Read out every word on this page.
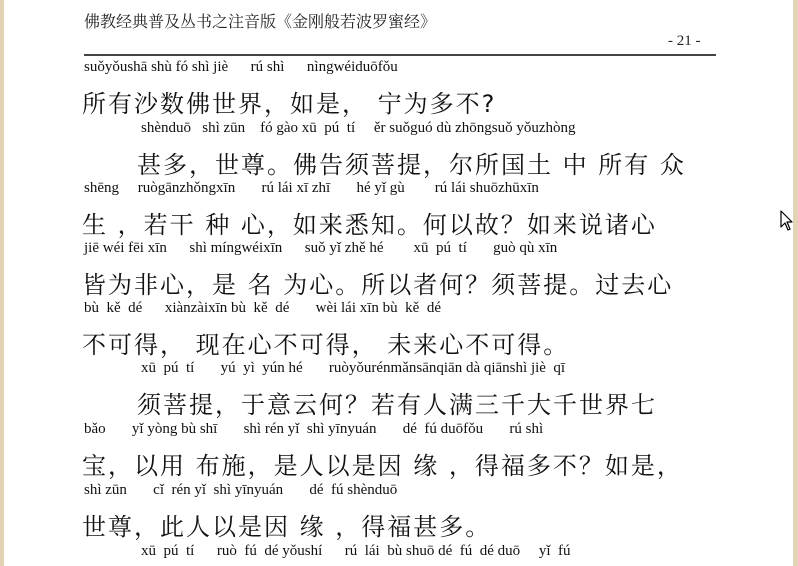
佛教经典普及丛书之注音版《金刚般若波罗蜜经》
- 21 -
suǒyǒushā shù fó shì jiè      rú shì      nìngwéiduōfǒu
所有沙数佛世界，如是， 宁为多不?
shènduō   shì zūn    fó gào xū  pú  tí     ěr suǒguó dù zhōngsuǒ yǒuzhòng
甚多，世尊。佛告须菩提，尔所国土 中 所有 众
shēng     ruògānzhǒngxīn       rú lái xī zhī       hé yǐ gù        rú lái shuōzhūxīn
生 ，若干 种 心，如来悉知。何以故？如来说诸心
jiē wéi fēi xīn      shì míngwéixīn      suǒ yǐ zhě hé        xū  pú  tí       guò qù xīn
皆为非心，是 名 为心。所以者何？须菩提。过去心
bù  kě  dé      xiànzàixīn bù  kě  dé       wèi lái xīn bù  kě  dé
不可得， 现在心不可得， 未来心不可得。
xū  pú  tí       yú  yì  yún hé       ruòyǒurénmǎnsānqiān dà qiānshì jiè  qī
须菩提，于意云何？若有人满三千大千世界七
bǎo       yǐ yòng bù shī       shì rén yǐ  shì yīnyuán       dé  fú duōfǒu       rú shì
宝，以用 布施，是人以是因 缘 ，得福多不？如是，
shì zūn       cǐ  rén yǐ  shì yīnyuán       dé  fú shènduō
世尊，此人以是因 缘 ，得福甚多。
xū  pú  tí      ruò  fú  dé yǒushí      rú  lái  bù shuō dé  fú  dé duō     yǐ  fú
